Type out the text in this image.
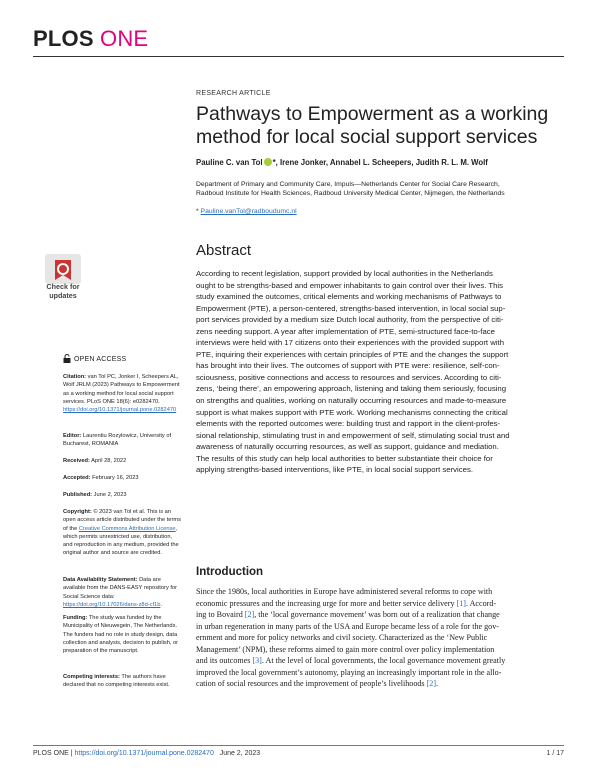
PLOS ONE
RESEARCH ARTICLE
Pathways to Empowerment as a working
method for local social support services
Pauline C. van Tol *, Irene Jonker, Annabel L. Scheepers, Judith R. L. M. Wolf
Department of Primary and Community Care, Impuls—Netherlands Center for Social Care Research,
Radboud Institute for Health Sciences, Radboud University Medical Center, Nijmegen, the Netherlands
* Pauline.vanTol@radboudumc.nl
Abstract
According to recent legislation, support provided by local authorities in the Netherlands
ought to be strengths-based and empower inhabitants to gain control over their lives. This
study examined the outcomes, critical elements and working mechanisms of Pathways to
Empowerment (PTE), a person-centered, strengths-based intervention, in local social sup-
port services provided by a medium size Dutch local authority, from the perspective of citi-
zens needing support. A year after implementation of PTE, semi-structured face-to-face
interviews were held with 17 citizens onto their experiences with the provided support with
PTE, inquiring their experiences with certain principles of PTE and the changes the support
has brought into their lives. The outcomes of support with PTE were: resilience, self-con-
sciousness, positive connections and access to resources and services. According to citi-
zens, ‘being there’, an empowering approach, listening and taking them seriously, focusing
on strengths and qualities, working on naturally occurring resources and made-to-measure
support is what makes support with PTE work. Working mechanisms connecting the critical
elements with the reported outcomes were: building trust and rapport in the client-profes-
sional relationship, stimulating trust in and empowerment of self, stimulating social trust and
awareness of naturally occurring resources, as well as support, guidance and mediation.
The results of this study can help local authorities to better substantiate their choice for
applying strengths-based interventions, like PTE, in local social support services.
Introduction
Since the 1980s, local authorities in Europe have administered several reforms to cope with
economic pressures and the increasing urge for more and better service delivery [1]. Accord-
ing to Bovaird [2], the ‘local governance movement’ was born out of a realization that change
in urban regeneration in many parts of the USA and Europe became less of a role for the gov-
ernment and more for policy networks and civil society. Characterized as the ‘New Public
Management’ (NPM), these reforms aimed to gain more control over policy implementation
and its outcomes [3]. At the level of local governments, the local governance movement greatly
improved the local government’s autonomy, playing an increasingly important role in the allo-
cation of social resources and the improvement of people’s livelihoods [2].
Check for
updates
OPEN ACCESS
Citation: van Tol PC, Jonker I, Scheepers AL, Wolf JRLM (2023) Pathways to Empowerment as a working method for local social support services. PLoS ONE 18(6): e0282470. https://doi.org/10.1371/journal.pone.0282470
Editor: Laurentiu Rozylowicz, University of Bucharest, ROMANIA
Received: April 28, 2022
Accepted: February 16, 2023
Published: June 2, 2023
Copyright: © 2023 van Tol et al. This is an open access article distributed under the terms of the Creative Commons Attribution License, which permits unrestricted use, distribution, and reproduction in any medium, provided the original author and source are credited.
Data Availability Statement: Data are available from the DANS-EASY repository for Social Science data: https://doi.org/10.17026/dans-z8d-cf1b.
Funding: The study was funded by the Municipality of Nieuwegein, The Netherlands. The funders had no role in study design, data collection and analysis, decision to publish, or preparation of the manuscript.
Competing interests: The authors have declared that no competing interests exist.
PLOS ONE | https://doi.org/10.1371/journal.pone.0282470 June 2, 2023	1 / 17
